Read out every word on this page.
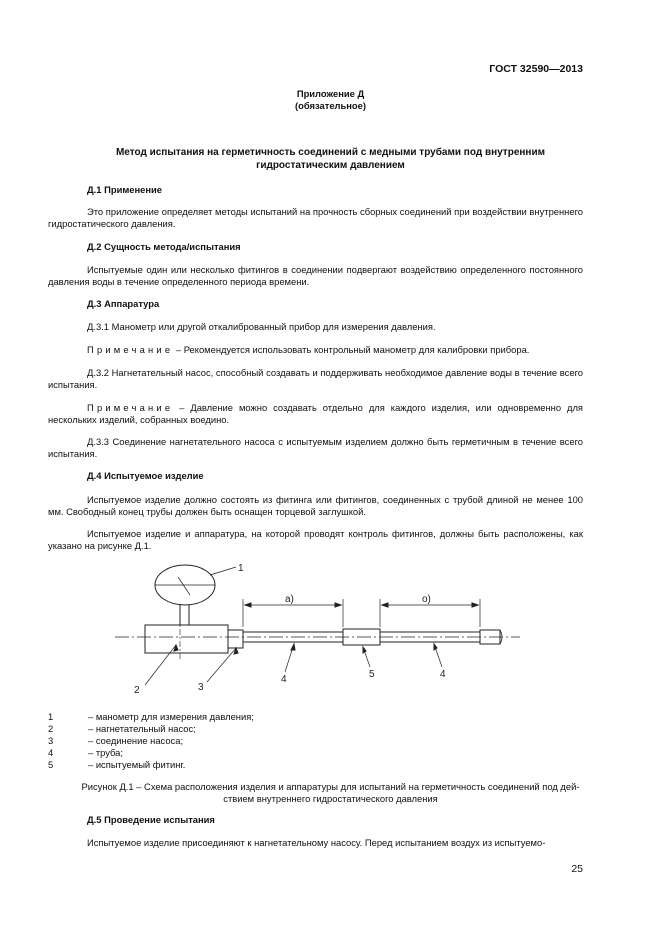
ГОСТ 32590—2013
Приложение Д
(обязательное)
Метод испытания на герметичность соединений с медными трубами под внутренним
гидростатическим давлением
Д.1 Применение
Это приложение определяет методы испытаний на прочность сборных соединений при воздействии внутреннего гидростатического давления.
Д.2 Сущность метода/испытания
Испытуемые один или несколько фитингов в соединении подвергают воздействию определенного постоянного давления воды в течение определенного периода времени.
Д.3 Аппаратура
Д.3.1 Манометр или другой откалиброванный прибор для измерения давления.
Примечание – Рекомендуется использовать контрольный манометр для калибровки прибора.
Д.3.2 Нагнетательный насос, способный создавать и поддерживать необходимое давление воды в течение всего испытания.
Примечание – Давление можно создавать отдельно для каждого изделия, или одновременно для нескольких изделий, собранных воедино.
Д.3.3 Соединение нагнетательного насоса с испытуемым изделием должно быть герметичным в течение всего испытания.
Д.4 Испытуемое изделие
Испытуемое изделие должно состоять из фитинга или фитингов, соединенных с трубой длиной не менее 100 мм. Свободный конец трубы должен быть оснащен торцевой заглушкой.
Испытуемое изделие и аппаратура, на которой проводят контроль фитингов, должны быть расположены, как указано на рисунке Д.1.
1
2	3
4	5	4
a)	o)
1	– манометр для измерения давления;
2	– нагнетательный насос;
3	– соединение насоса;
4	– труба;
5	– испытуемый фитинг.
Рисунок Д.1 – Схема расположения изделия и аппаратуры для испытаний на герметичность соединений под дей-
ствием внутреннего гидростатического давления
Д.5 Проведение испытания
Испытуемое изделие присоединяют к нагнетательному насосу. Перед испытанием воздух из испытуемо-
25
